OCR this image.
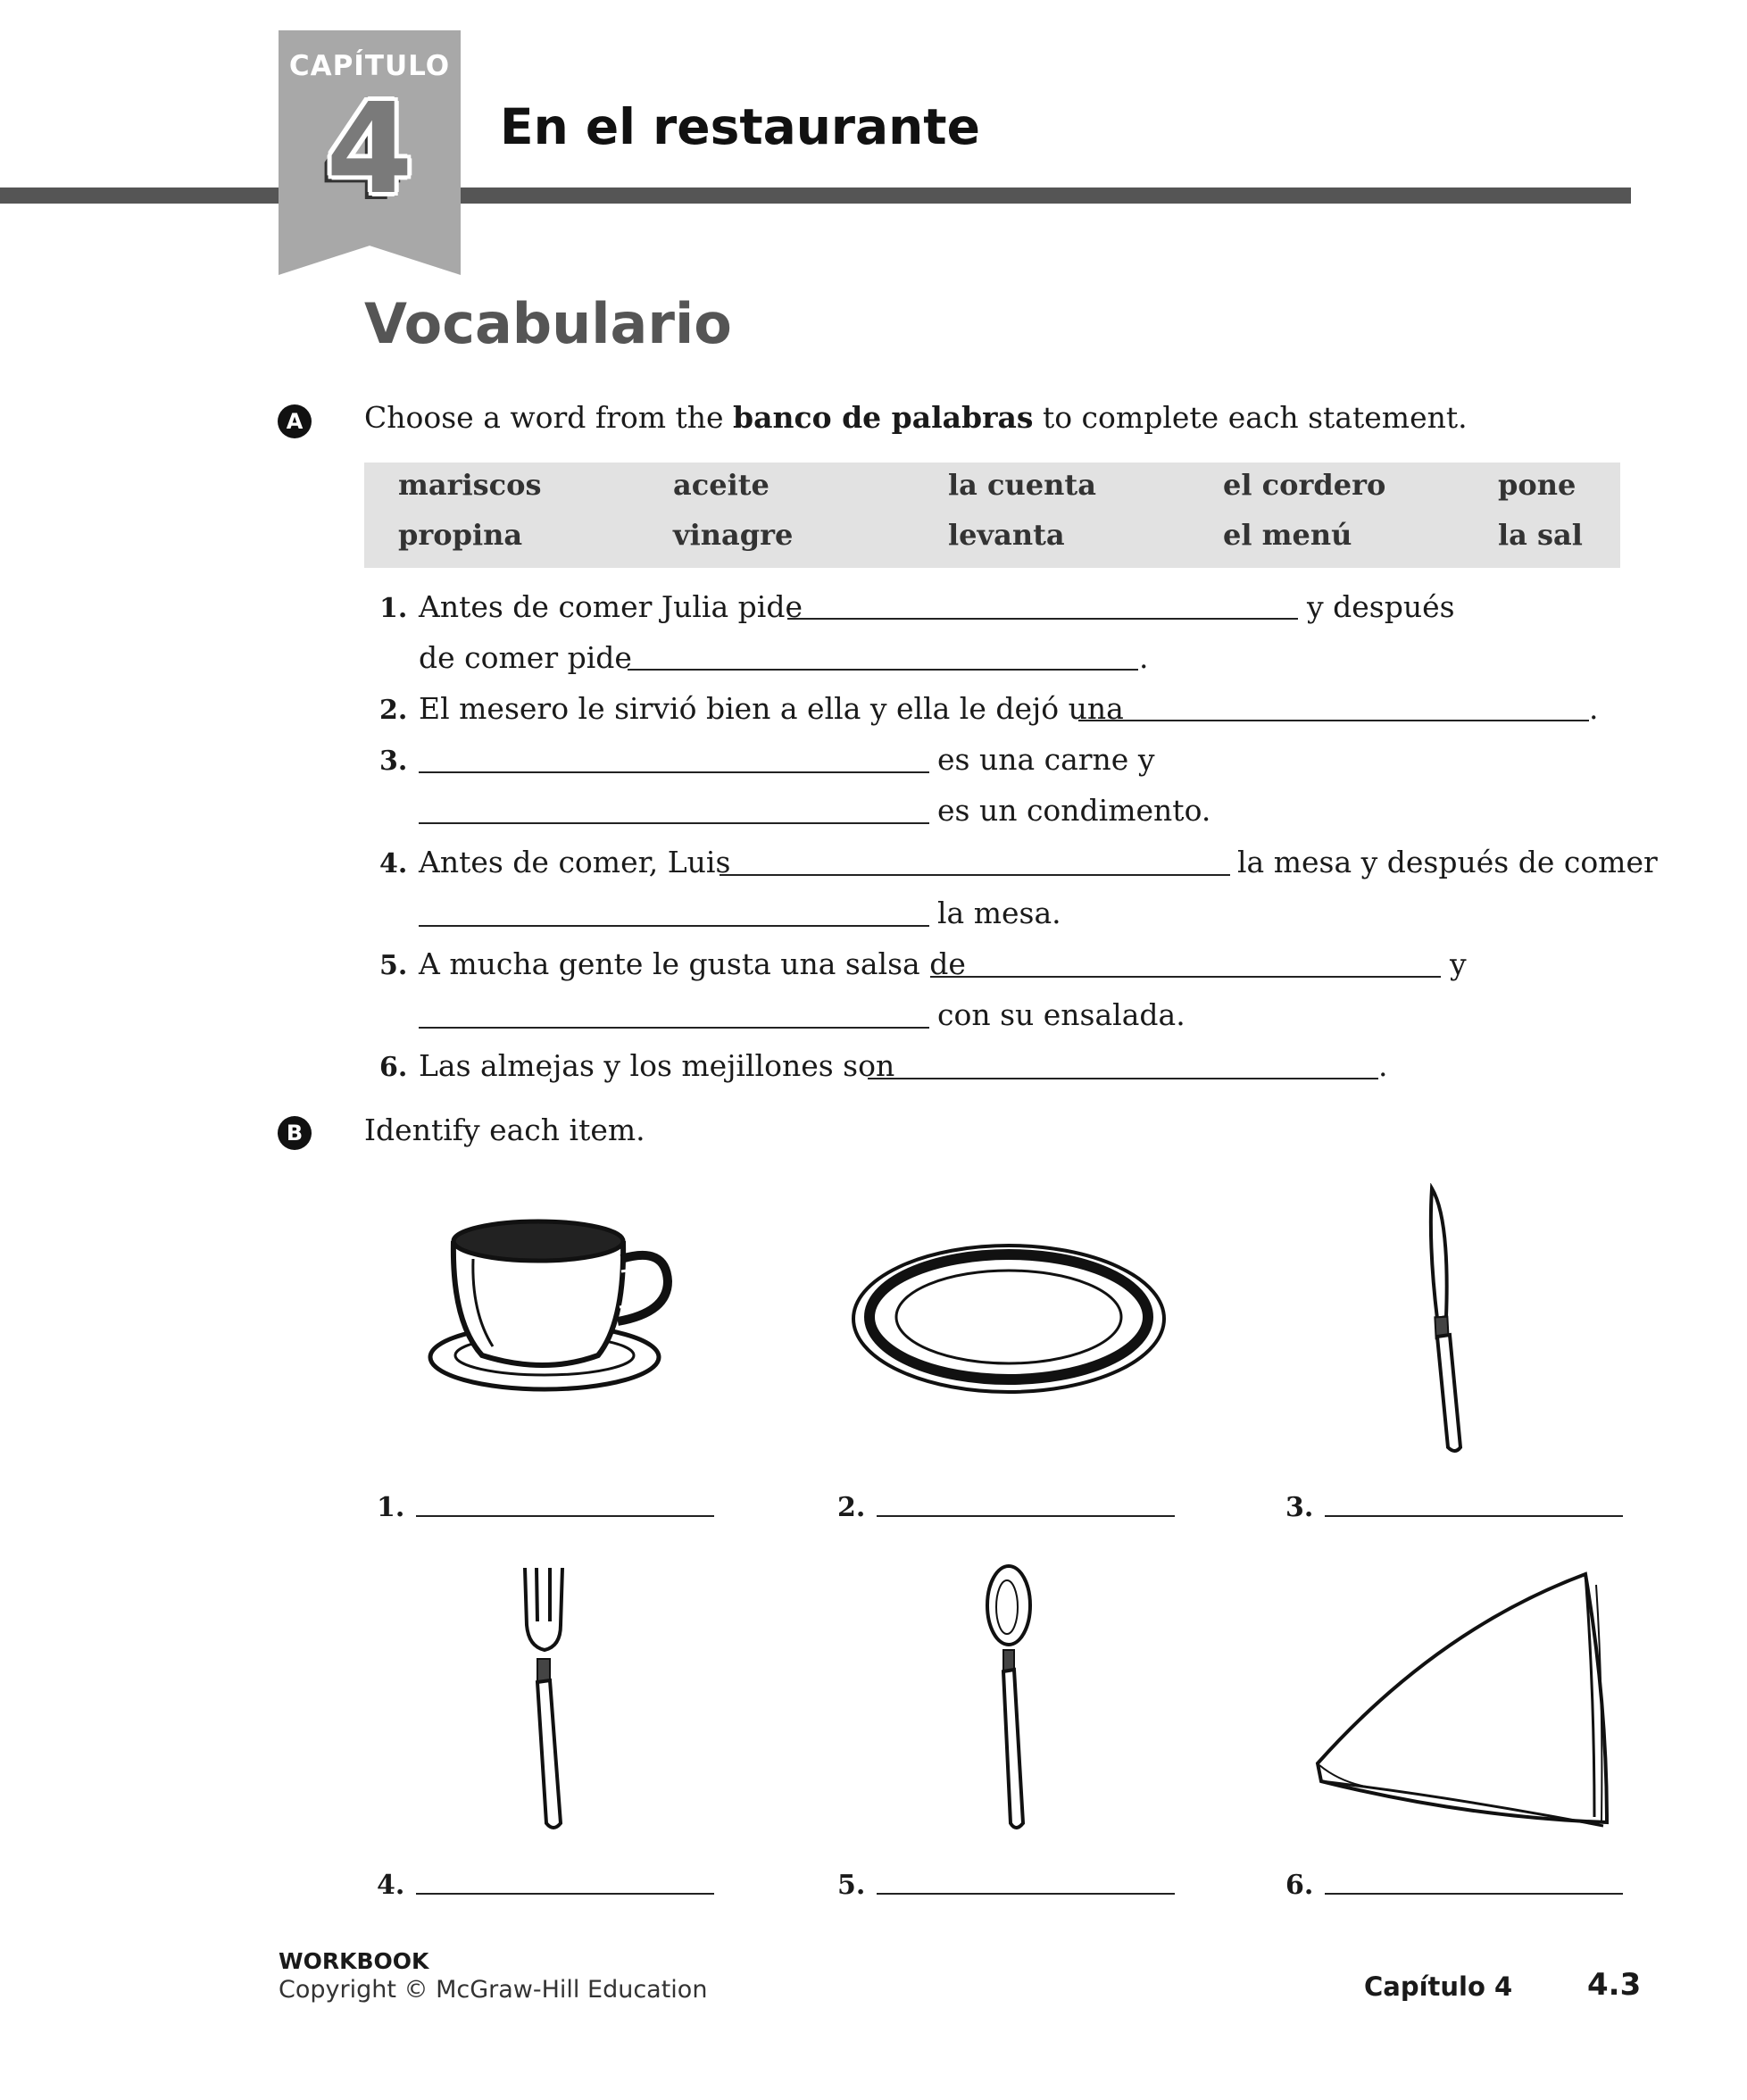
CAPÍTULO
4	En el restaurante
Vocabulario
A Choose a word from the banco de palabras to complete each statement.
mariscos	aceite	la cuenta	el cordero	pone
propina	vinagre	levanta	el menú	la sal
1. Antes de comer Julia pide	y después
de comer pide	.
2. El mesero le sirvió bien a ella y ella le dejó una	.
3.	es una carne y
es un condimento.
4. Antes de comer, Luis	la mesa y después de comer
la mesa.
5. A mucha gente le gusta una salsa de	y
con su ensalada.
6. Las almejas y los mejillones son	.
B Identify each item.
1.	2.	3.
4.	5.	6.
WORKBOOK
Copyright © McGraw-Hill Education	Capítulo 4 4.3
